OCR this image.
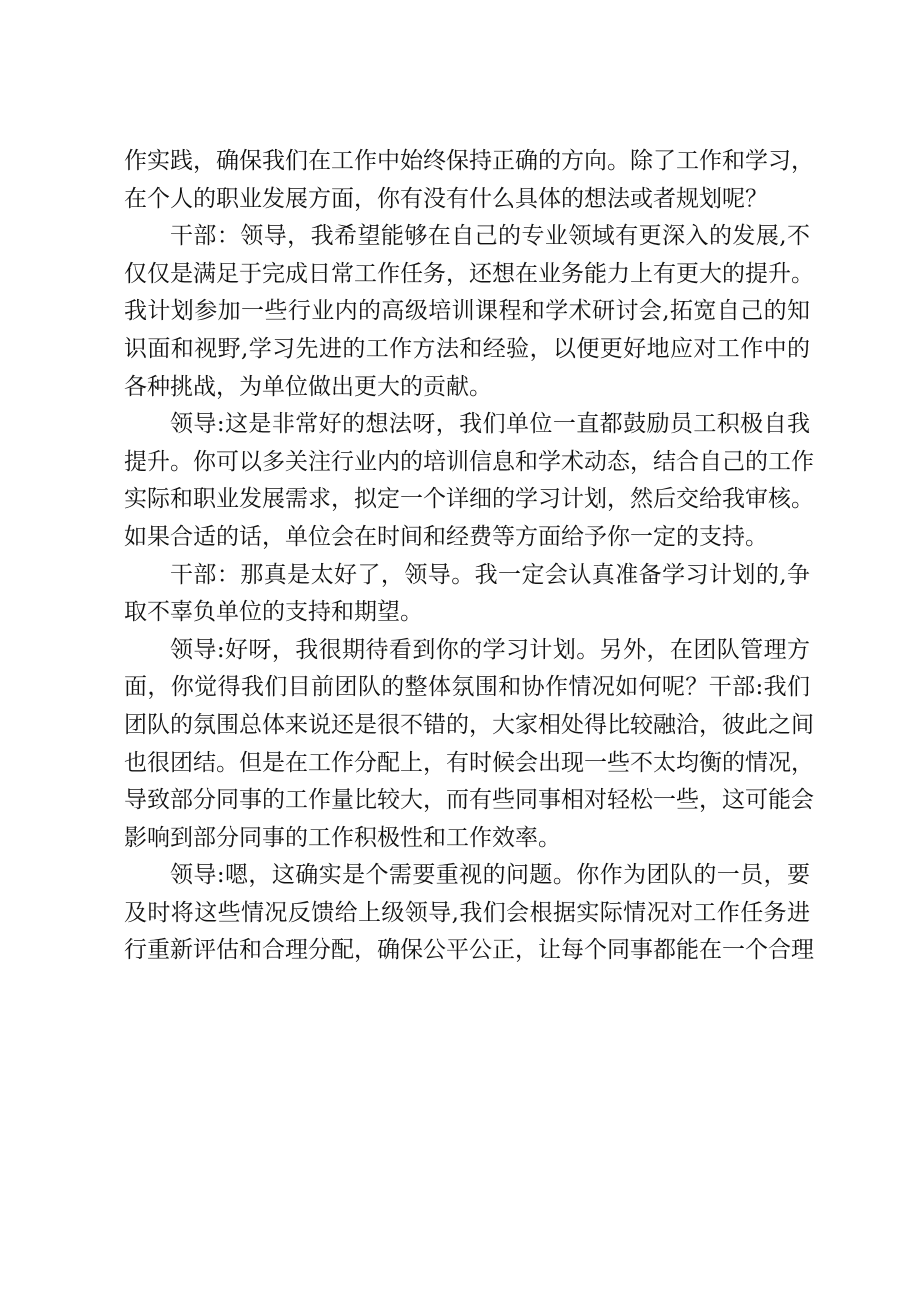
作实践，确保我们在工作中始终保持正确的方向。除了工作和学习，
在个人的职业发展方面，你有没有什么具体的想法或者规划呢？
干部：领导，我希望能够在自己的专业领域有更深入的发展,不
仅仅是满足于完成日常工作任务，还想在业务能力上有更大的提升。
我计划参加一些行业内的高级培训课程和学术研讨会,拓宽自己的知
识面和视野,学习先进的工作方法和经验，以便更好地应对工作中的
各种挑战，为单位做出更大的贡献。
领导:这是非常好的想法呀，我们单位一直都鼓励员工积极自我
提升。你可以多关注行业内的培训信息和学术动态，结合自己的工作
实际和职业发展需求，拟定一个详细的学习计划，然后交给我审核。
如果合适的话，单位会在时间和经费等方面给予你一定的支持。
干部：那真是太好了，领导。我一定会认真准备学习计划的,争
取不辜负单位的支持和期望。
领导:好呀，我很期待看到你的学习计划。另外，在团队管理方
面，你觉得我们目前团队的整体氛围和协作情况如何呢？干部:我们
团队的氛围总体来说还是很不错的，大家相处得比较融洽，彼此之间
也很团结。但是在工作分配上，有时候会出现一些不太均衡的情况，
导致部分同事的工作量比较大，而有些同事相对轻松一些，这可能会
影响到部分同事的工作积极性和工作效率。
领导:嗯，这确实是个需要重视的问题。你作为团队的一员，要
及时将这些情况反馈给上级领导,我们会根据实际情况对工作任务进
行重新评估和合理分配，确保公平公正，让每个同事都能在一个合理
